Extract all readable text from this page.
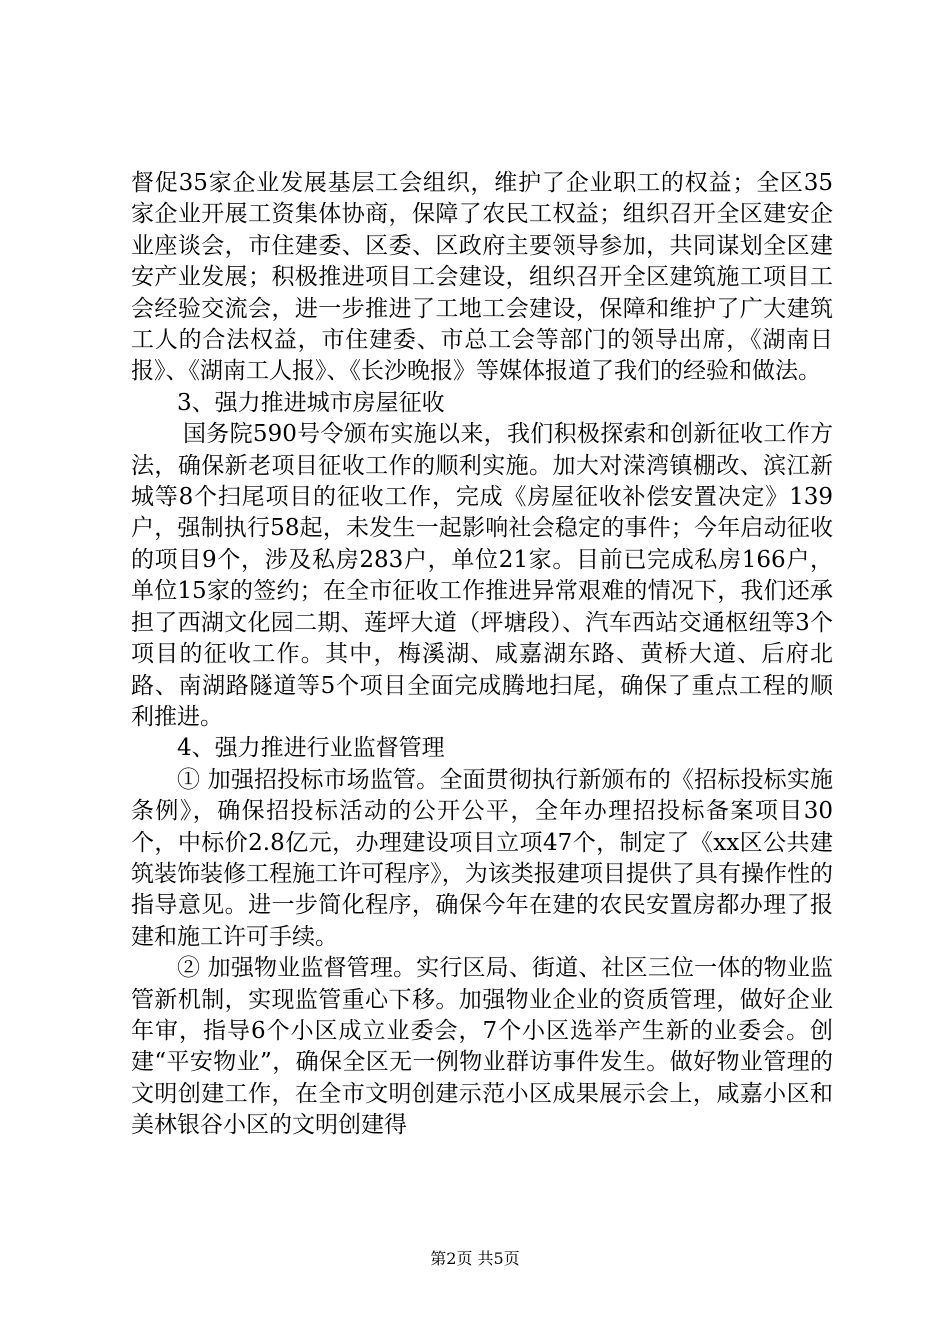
督促35家企业发展基层工会组织，维护了企业职工的权益；全区35家企业开展工资集体协商，保障了农民工权益；组织召开全区建安企业座谈会，市住建委、区委、区政府主要领导参加，共同谋划全区建安产业发展；积极推进项目工会建设，组织召开全区建筑施工项目工会经验交流会，进一步推进了工地工会建设，保障和维护了广大建筑工人的合法权益，市住建委、市总工会等部门的领导出席，《湖南日报》、《湖南工人报》、《长沙晚报》等媒体报道了我们的经验和做法。

3、强力推进城市房屋征收

国务院590号令颁布实施以来，我们积极探索和创新征收工作方法，确保新老项目征收工作的顺利实施。加大对溁湾镇棚改、滨江新城等8个扫尾项目的征收工作，完成《房屋征收补偿安置决定》139户，强制执行58起，未发生一起影响社会稳定的事件；今年启动征收的项目9个，涉及私房283户，单位21家。目前已完成私房166户，单位15家的签约；在全市征收工作推进异常艰难的情况下，我们还承担了西湖文化园二期、莲坪大道（坪塘段）、汽车西站交通枢纽等3个项目的征收工作。其中，梅溪湖、咸嘉湖东路、黄桥大道、后府北路、南湖路隧道等5个项目全面完成腾地扫尾，确保了重点工程的顺利推进。

4、强力推进行业监督管理

① 加强招投标市场监管。全面贯彻执行新颁布的《招标投标实施条例》，确保招投标活动的公开公平，全年办理招投标备案项目30个，中标价2.8亿元，办理建设项目立项47个，制定了《xx区公共建筑装饰装修工程施工许可程序》，为该类报建项目提供了具有操作性的指导意见。进一步简化程序，确保今年在建的农民安置房都办理了报建和施工许可手续。

② 加强物业监督管理。实行区局、街道、社区三位一体的物业监管新机制，实现监管重心下移。加强物业企业的资质管理，做好企业年审，指导6个小区成立业委会，7个小区选举产生新的业委会。创建“平安物业”，确保全区无一例物业群访事件发生。做好物业管理的文明创建工作，在全市文明创建示范小区成果展示会上，咸嘉小区和美林银谷小区的文明创建得

第2页 共5页
